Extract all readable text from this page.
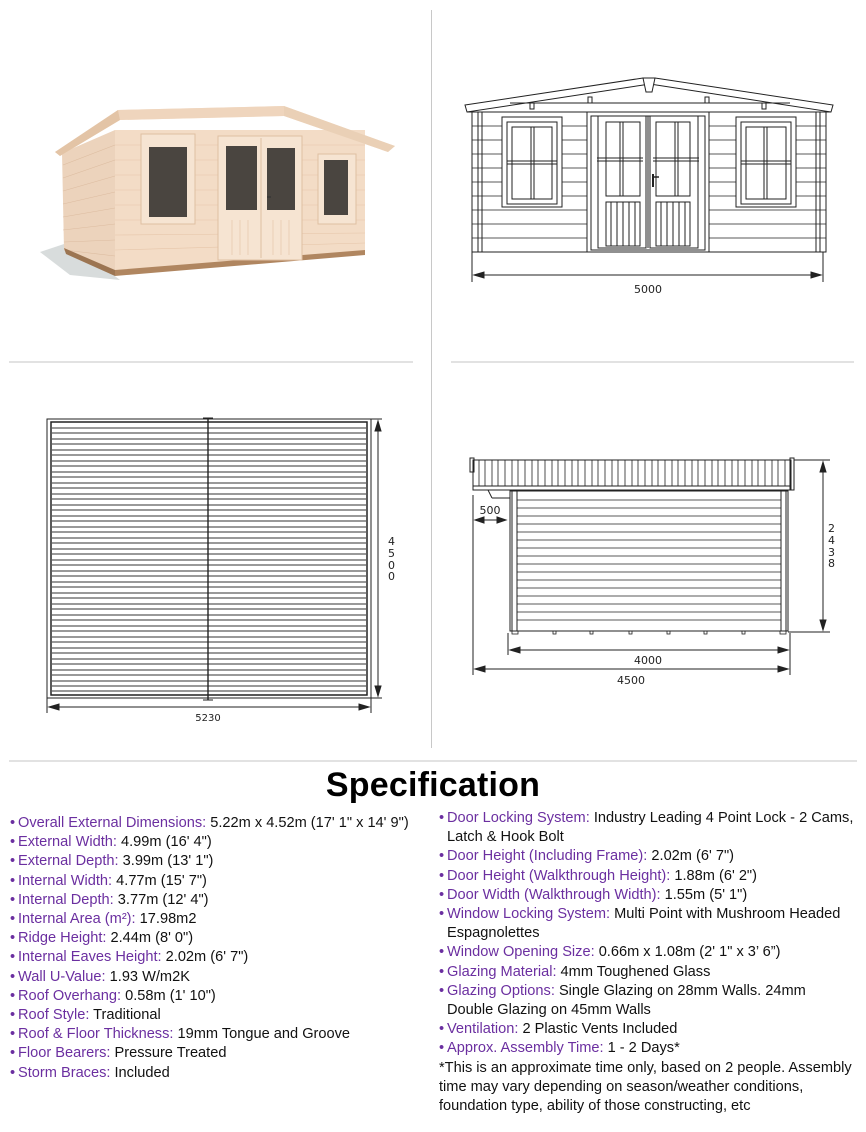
5000
4
5
0
0
5230
500
2
4
3
8
4000
4500
Specification
• Overall External Dimensions: 5.22m x 4.52m (17' 1" x 14' 9")
• External Width: 4.99m (16' 4")
• External Depth: 3.99m (13' 1")
• Internal Width: 4.77m (15' 7")
• Internal Depth: 3.77m (12' 4")
• Internal Area (m²): 17.98m2
• Ridge Height: 2.44m (8' 0")
• Internal Eaves Height: 2.02m (6' 7")
• Wall U-Value: 1.93 W/m2K
• Roof Overhang: 0.58m (1' 10")
• Roof Style: Traditional
• Roof & Floor Thickness: 19mm Tongue and Groove
• Floor Bearers: Pressure Treated
• Storm Braces: Included
• Door Locking System: Industry Leading 4 Point Lock - 2 Cams, Latch & Hook Bolt
• Door Height (Including Frame): 2.02m (6' 7")
• Door Height (Walkthrough Height): 1.88m (6' 2")
• Door Width (Walkthrough Width): 1.55m (5' 1")
• Window Locking System: Multi Point with Mushroom Headed Espagnolettes
• Window Opening Size: 0.66m x 1.08m (2' 1" x 3’ 6”)
• Glazing Material: 4mm Toughened Glass
• Glazing Options: Single Glazing on 28mm Walls. 24mm Double Glazing on 45mm Walls
• Ventilation: 2 Plastic Vents Included
• Approx. Assembly Time: 1 - 2 Days*
*This is an approximate time only, based on 2 people. Assembly time may vary depending on season/weather conditions, foundation type, ability of those constructing, etc
